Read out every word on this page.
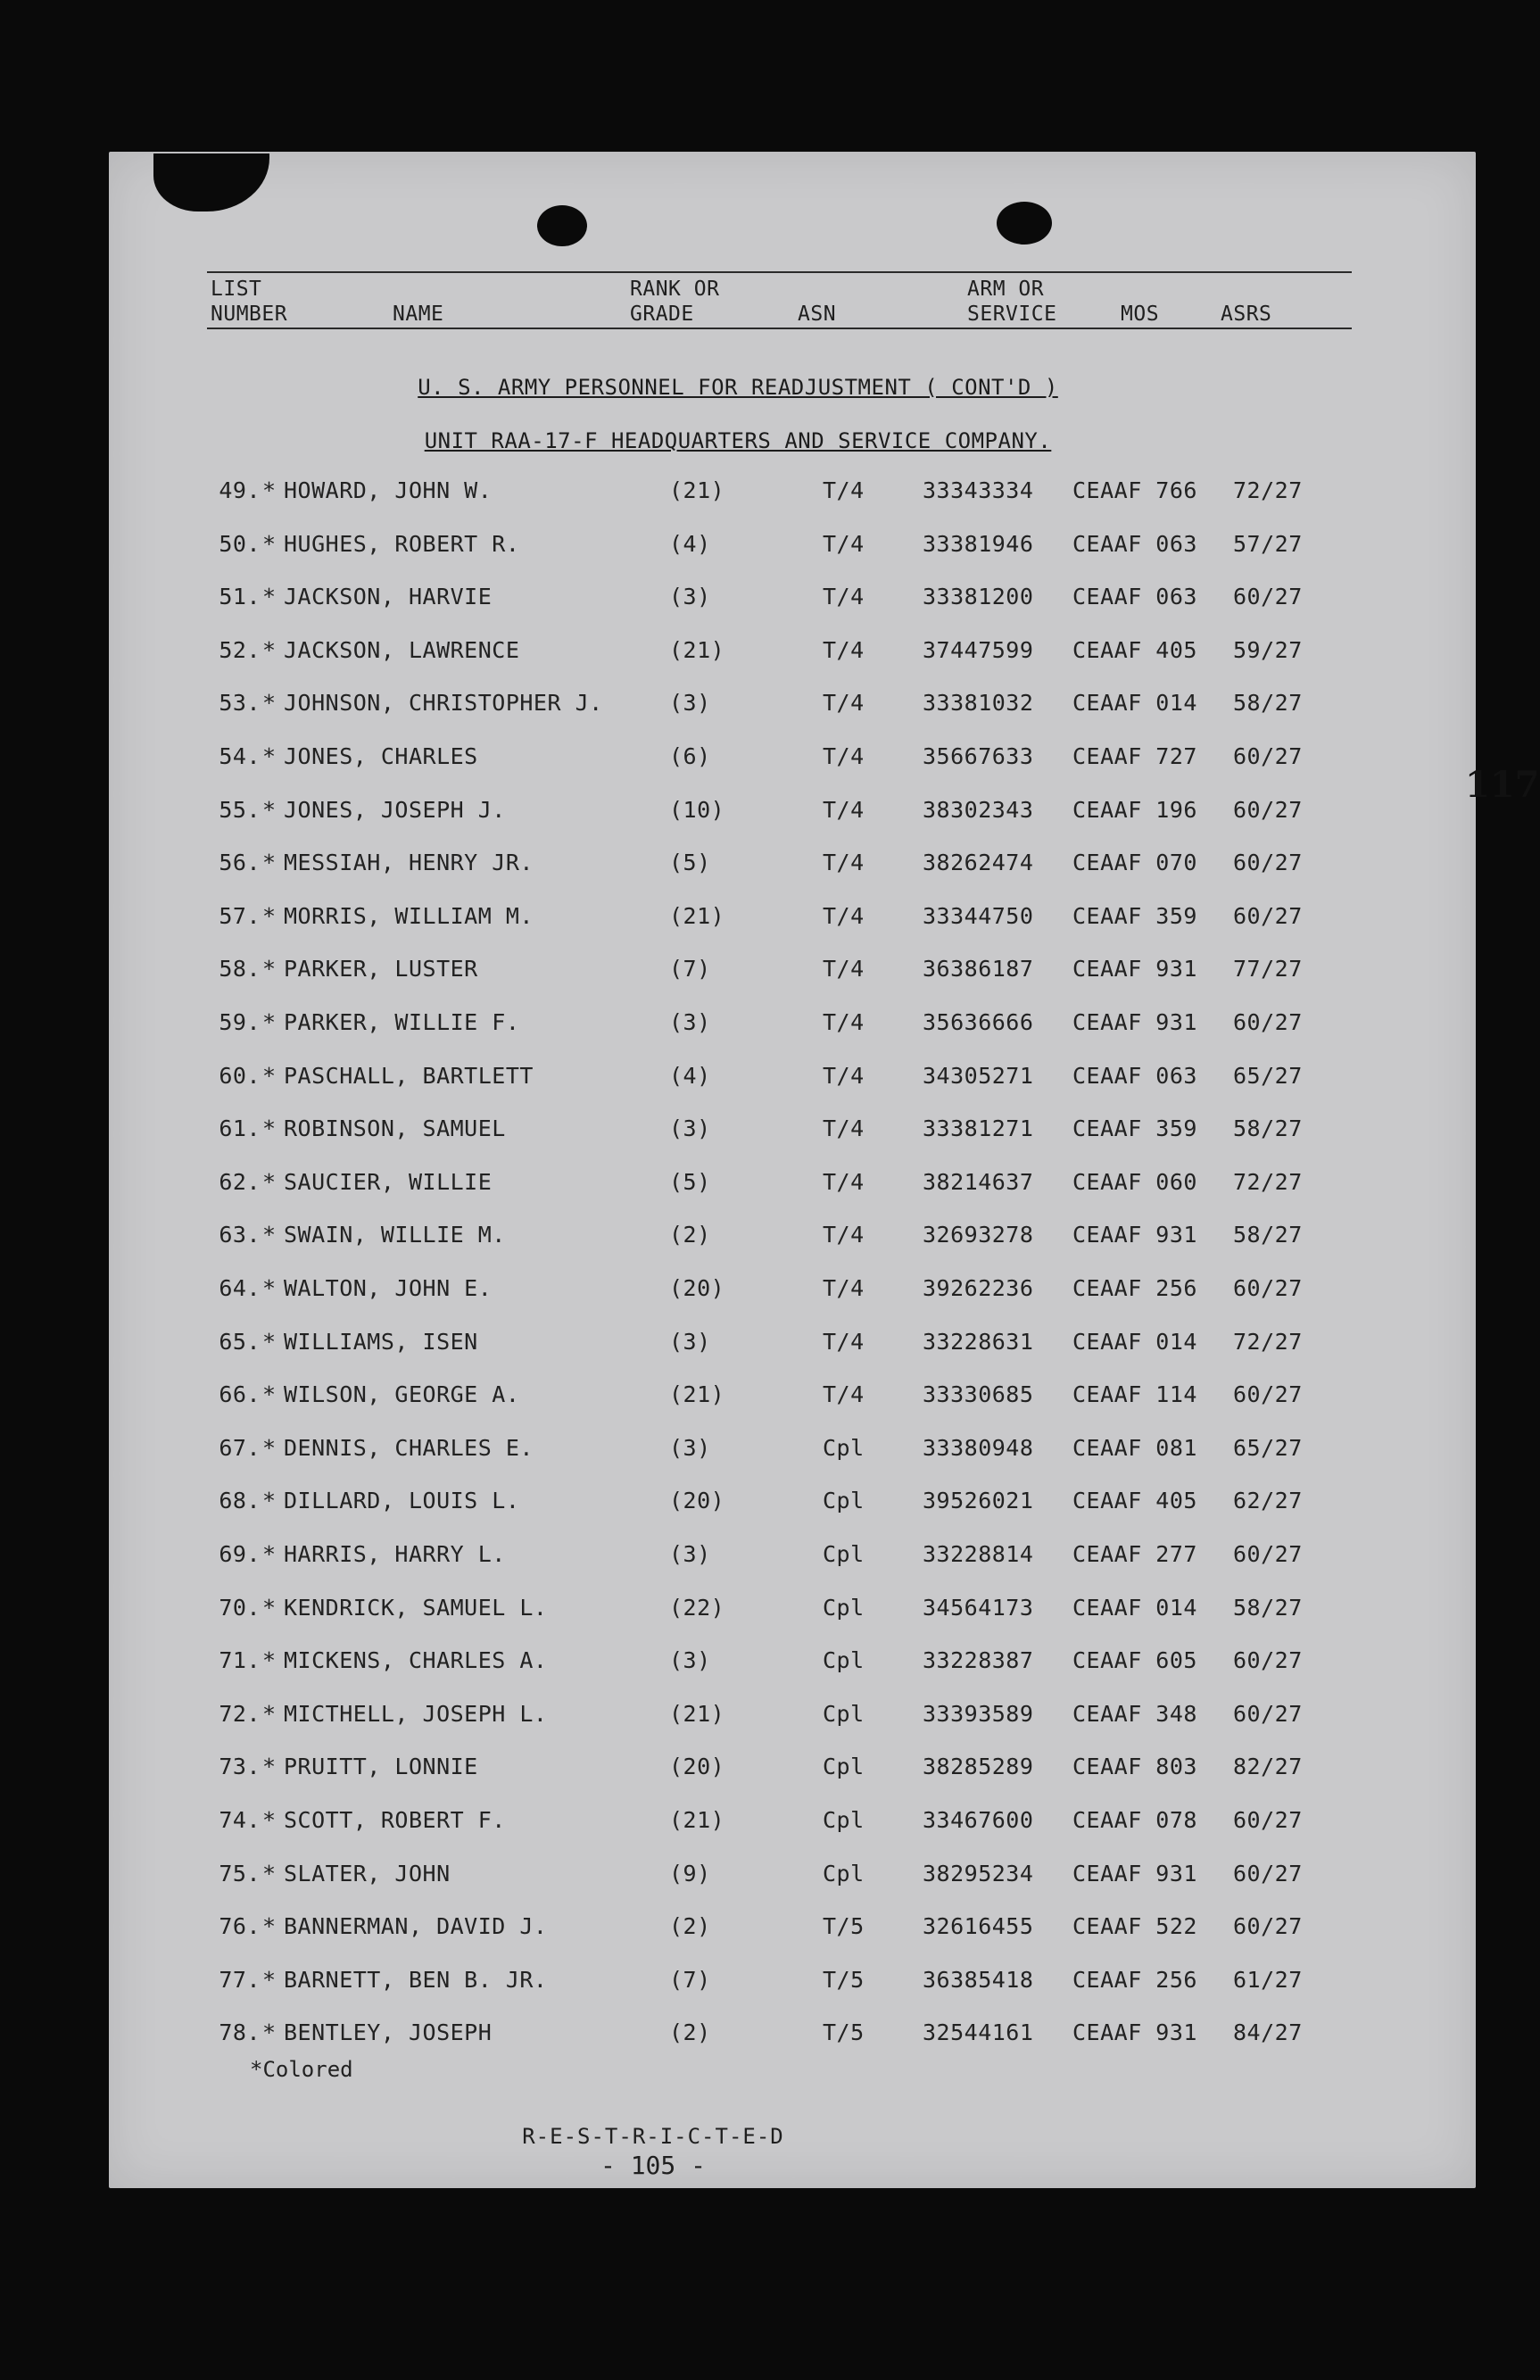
LIST
NUMBER	NAME
RANK OR
GRADE	ASN
ARM OR
SERVICE	MOS	ASRS
U. S. ARMY PERSONNEL FOR READJUSTMENT ( CONT'D )
UNIT RAA-17-F HEADQUARTERS AND SERVICE COMPANY.
49. * HOWARD, JOHN W.	(21)	T/4	33343334 CEAAF 766 72/27
50. * HUGHES, ROBERT R.	(4)	T/4	33381946 CEAAF 063 57/27
51. * JACKSON, HARVIE	(3)	T/4	33381200 CEAAF 063 60/27
52. * JACKSON, LAWRENCE	(21)	T/4	37447599 CEAAF 405 59/27
53. * JOHNSON, CHRISTOPHER J.	(3)	T/4	33381032 CEAAF 014 58/27
54. * JONES, CHARLES	(6)	T/4	35667633 CEAAF 727 60/27
55. * JONES, JOSEPH J.	(10)	T/4	38302343 CEAAF 196 60/27
56. * MESSIAH, HENRY JR.	(5)	T/4	38262474 CEAAF 070 60/27
57. * MORRIS, WILLIAM M.	(21)	T/4	33344750 CEAAF 359 60/27
58. * PARKER, LUSTER	(7)	T/4	36386187 CEAAF 931 77/27
59. * PARKER, WILLIE F.	(3)	T/4	35636666 CEAAF 931 60/27
60. * PASCHALL, BARTLETT	(4)	T/4	34305271 CEAAF 063 65/27
61. * ROBINSON, SAMUEL	(3)	T/4	33381271 CEAAF 359 58/27
62. * SAUCIER, WILLIE	(5)	T/4	38214637 CEAAF 060 72/27
63. * SWAIN, WILLIE M.	(2)	T/4	32693278 CEAAF 931 58/27
64. * WALTON, JOHN E.	(20)	T/4	39262236 CEAAF 256 60/27
65. * WILLIAMS, ISEN	(3)	T/4	33228631 CEAAF 014 72/27
66. * WILSON, GEORGE A.	(21)	T/4	33330685 CEAAF 114 60/27
67. * DENNIS, CHARLES E.	(3)	Cpl	33380948 CEAAF 081 65/27
68. * DILLARD, LOUIS L.	(20)	Cpl	39526021 CEAAF 405 62/27
69. * HARRIS, HARRY L.	(3)	Cpl	33228814 CEAAF 277 60/27
70. * KENDRICK, SAMUEL L.	(22)	Cpl	34564173 CEAAF 014 58/27
71. * MICKENS, CHARLES A.	(3)	Cpl	33228387 CEAAF 605 60/27
72. * MICTHELL, JOSEPH L.	(21)	Cpl	33393589 CEAAF 348 60/27
73. * PRUITT, LONNIE	(20)	Cpl	38285289 CEAAF 803 82/27
74. * SCOTT, ROBERT F.	(21)	Cpl	33467600 CEAAF 078 60/27
75. * SLATER, JOHN	(9)	Cpl	38295234 CEAAF 931 60/27
76. * BANNERMAN, DAVID J.	(2)	T/5	32616455 CEAAF 522 60/27
77. * BARNETT, BEN B. JR.	(7)	T/5	36385418 CEAAF 256 61/27
78. * BENTLEY, JOSEPH	(2)	T/5	32544161 CEAAF 931 84/27
*Colored
R-E-S-T-R-I-C-T-E-D
- 105 -
117
